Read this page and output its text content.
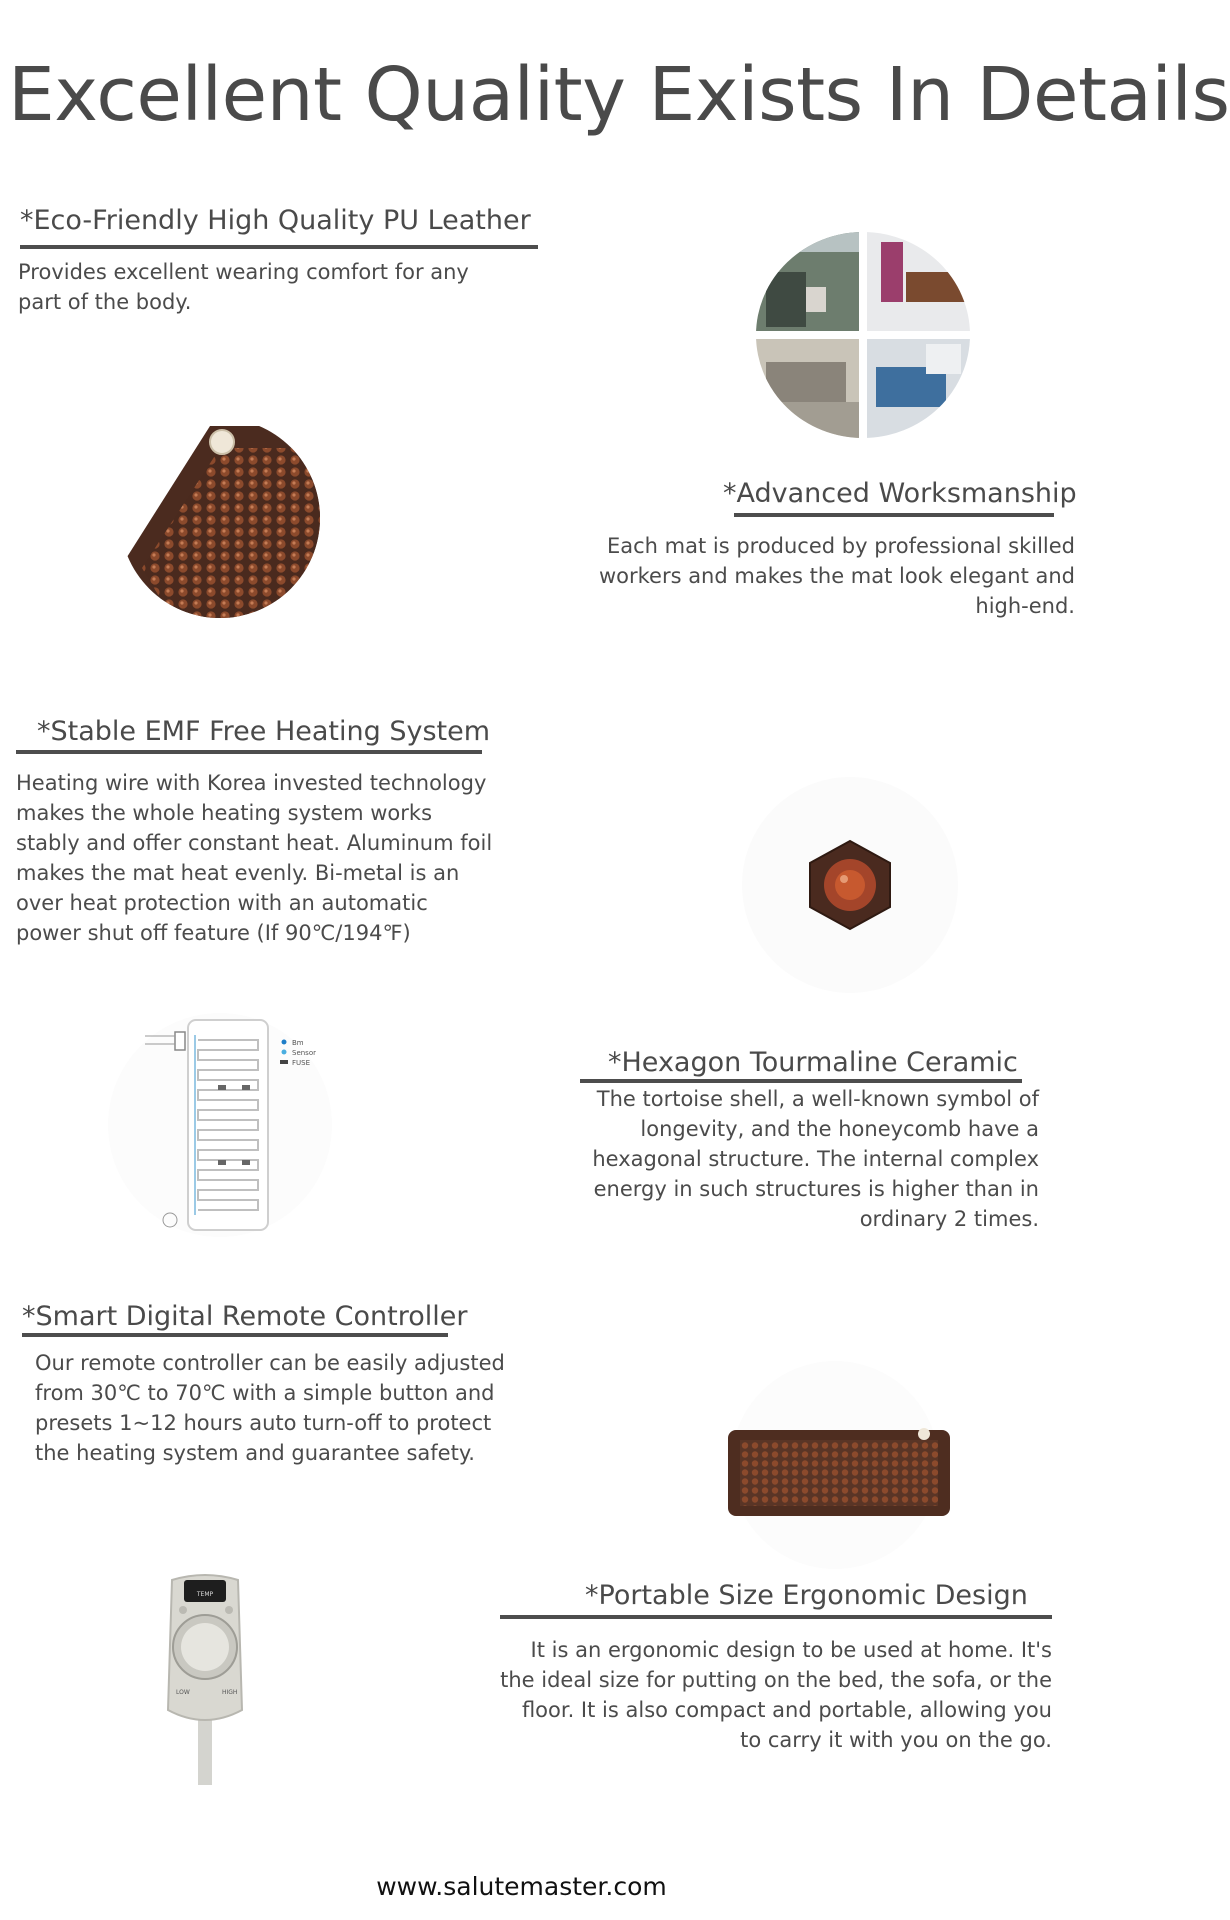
Excellent Quality Exists In Details
*Eco-Friendly High Quality PU Leather
Provides excellent wearing comfort for any part of the body.
*Advanced Worksmanship
Each mat is produced by professional skilled workers and makes the mat look elegant and high-end.
*Stable EMF Free Heating System
Heating wire with Korea invested technology makes the whole heating system works stably and offer constant heat. Aluminum foil makes the mat heat evenly. Bi-metal is an over heat protection with an automatic power shut off feature (If 90℃/194℉)
Bm
Sensor
FUSE	*Hexagon Tourmaline Ceramic
The tortoise shell, a well-known symbol of longevity, and the honeycomb have a hexagonal structure. The internal complex energy in such structures is higher than in ordinary 2 times.
*Smart Digital Remote Controller
Our remote controller can be easily adjusted from 30℃ to 70℃ with a simple button and presets 1~12 hours auto turn-off to protect the heating system and guarantee safety.
TEMP
LOW	HIGH
*Portable Size Ergonomic Design
It is an ergonomic design to be used at home. It's the ideal size for putting on the bed, the sofa, or the floor. It is also compact and portable, allowing you to carry it with you on the go.
www.salutemaster.com
